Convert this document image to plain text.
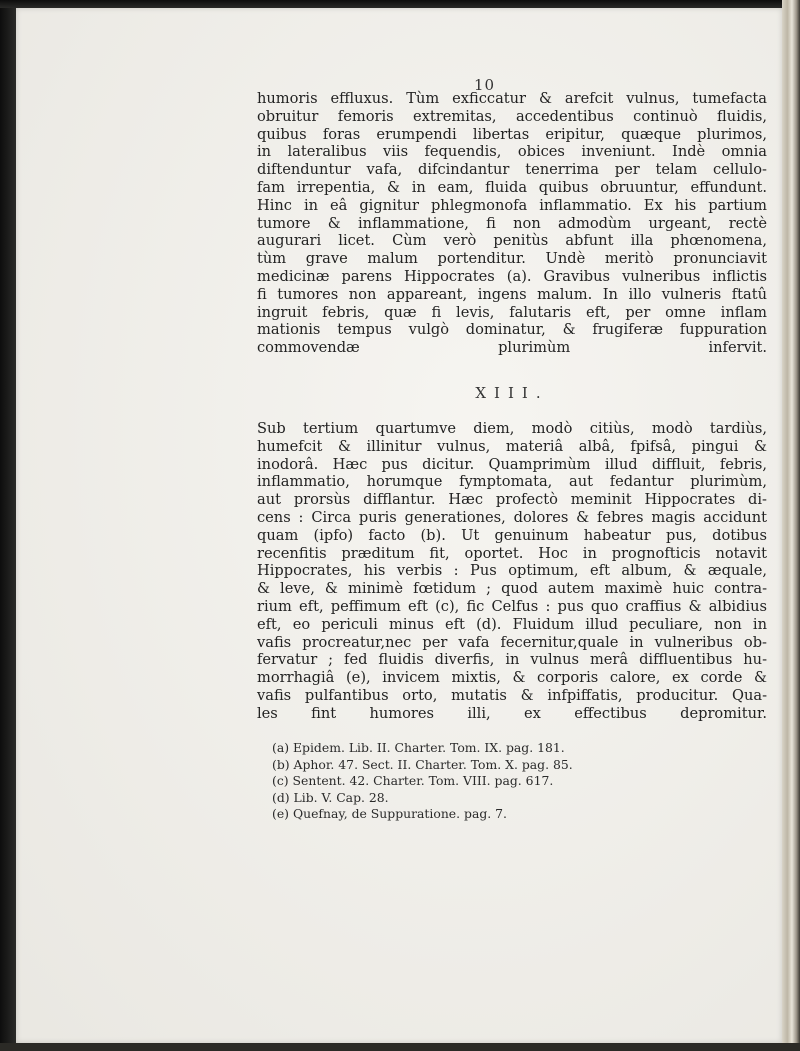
10
humoris effluxus. Tùm exficcatur & arefcit vulnus, tumefacta
obruitur femoris extremitas, accedentibus continuò fluidis,
quibus foras erumpendi libertas eripitur, quæque plurimos,
in lateralibus viis fequendis, obices inveniunt. Indè omnia
diftenduntur vafa, difcindantur tenerrima per telam cellulo-
fam irrepentia, & in eam, fluida quibus obruuntur, effundunt.
Hinc in eâ gignitur phlegmonofa inflammatio. Ex his partium
tumore & inflammatione, fi non admodùm urgeant, rectè
augurari licet. Cùm verò penitùs abfunt illa phœnomena,
tùm grave malum portenditur. Undè meritò pronunciavit
medicinæ parens Hippocrates (a). Gravibus vulneribus inflictis
fi tumores non appareant, ingens malum. In illo vulneris ftatû
ingruit febris, quæ fi levis, falutaris eft, per omne inflam
mationis tempus vulgò dominatur, & frugiferæ fuppuration
commovendæ plurimùm infervit.
XIII.
Sub tertium quartumve diem, modò citiùs, modò tardiùs,
humefcit & illinitur vulnus, materiâ albâ, fpifsâ, pingui &
inodorâ. Hæc pus dicitur. Quamprimùm illud diffluit, febris,
inflammatio, horumque fymptomata, aut fedantur plurimùm,
aut prorsùs difflantur. Hæc profectò meminit Hippocrates di-
cens : Circa puris generationes, dolores & febres magis accidunt
quam (ipfo) facto (b). Ut genuinum habeatur pus, dotibus
recenfitis præditum fit, oportet. Hoc in prognofticis notavit
Hippocrates, his verbis : Pus optimum, eft album, & æquale,
& leve, & minimè fœtidum ; quod autem maximè huic contra-
rium eft, peffimum eft (c), fic Celfus : pus quo craffius & albidius
eft, eo periculi minus eft (d). Fluidum illud peculiare, non in
vafis procreatur,nec per vafa fecernitur,quale in vulneribus ob-
fervatur ; fed fluidis diverfis, in vulnus merâ diffluentibus hu-
morrhagiâ (e), invicem mixtis, & corporis calore, ex corde &
vafis pulfantibus orto, mutatis & infpiffatis, producitur. Qua-
les fint humores illi, ex effectibus depromitur.
(a) Epidem. Lib. II. Charter. Tom. IX. pag. 181.
(b) Aphor. 47. Sect. II. Charter. Tom. X. pag. 85.
(c) Sentent. 42. Charter. Tom. VIII. pag. 617.
(d) Lib. V. Cap. 28.
(e) Quefnay, de Suppuratione. pag. 7.
